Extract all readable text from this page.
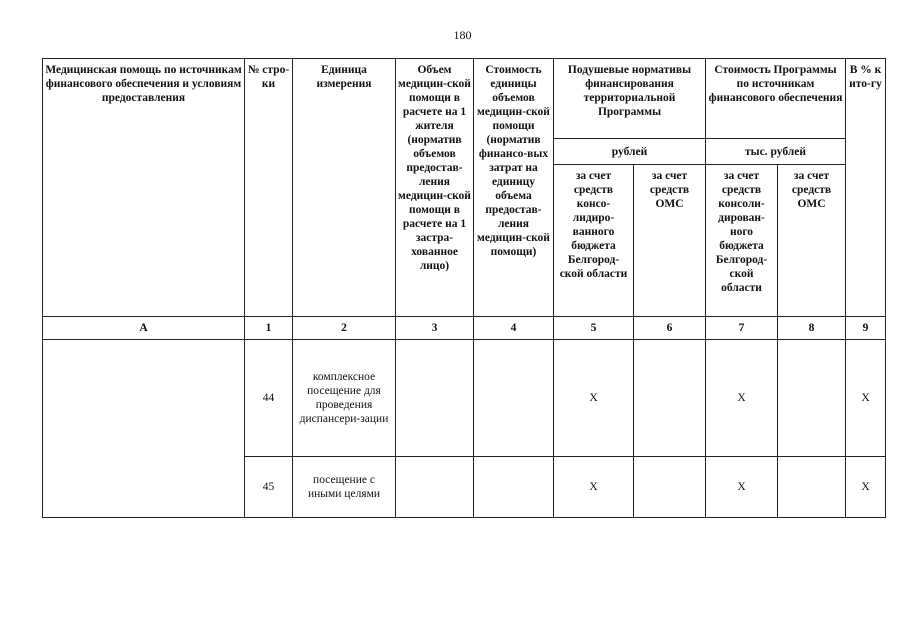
180
Медицинская помощь по источникам финансового обеспечения и условиям предоставления	№ стро-ки	Единица измерения	Объем медицин-ской помощи в расчете на 1 жителя (норматив объемов предостав-ления медицин-ской помощи в расчете на 1 застра-хованное лицо)	Стоимость единицы объемов медицин-ской помощи (норматив финансо-вых затрат на единицу объема предостав-ления медицин-ской помощи)	Подушевые нормативы финансирования территориальной Программы		Стоимость Программы по источникам финансового обеспечения		В % к ито-гу
					рублей		тыс. рублей		
					за счет средств консо-лидиро-ванного бюджета Белгород-ской области	за счет средств ОМС	за счет средств консоли-дирован-ного бюджета Белгород-ской области	за счет средств ОМС	
А	1	2	3	4	5	6	7	8	9
	44	комплексное посещение для проведения диспансери-зации			Х		Х		Х
	45	посещение с иными целями			Х		Х		Х
